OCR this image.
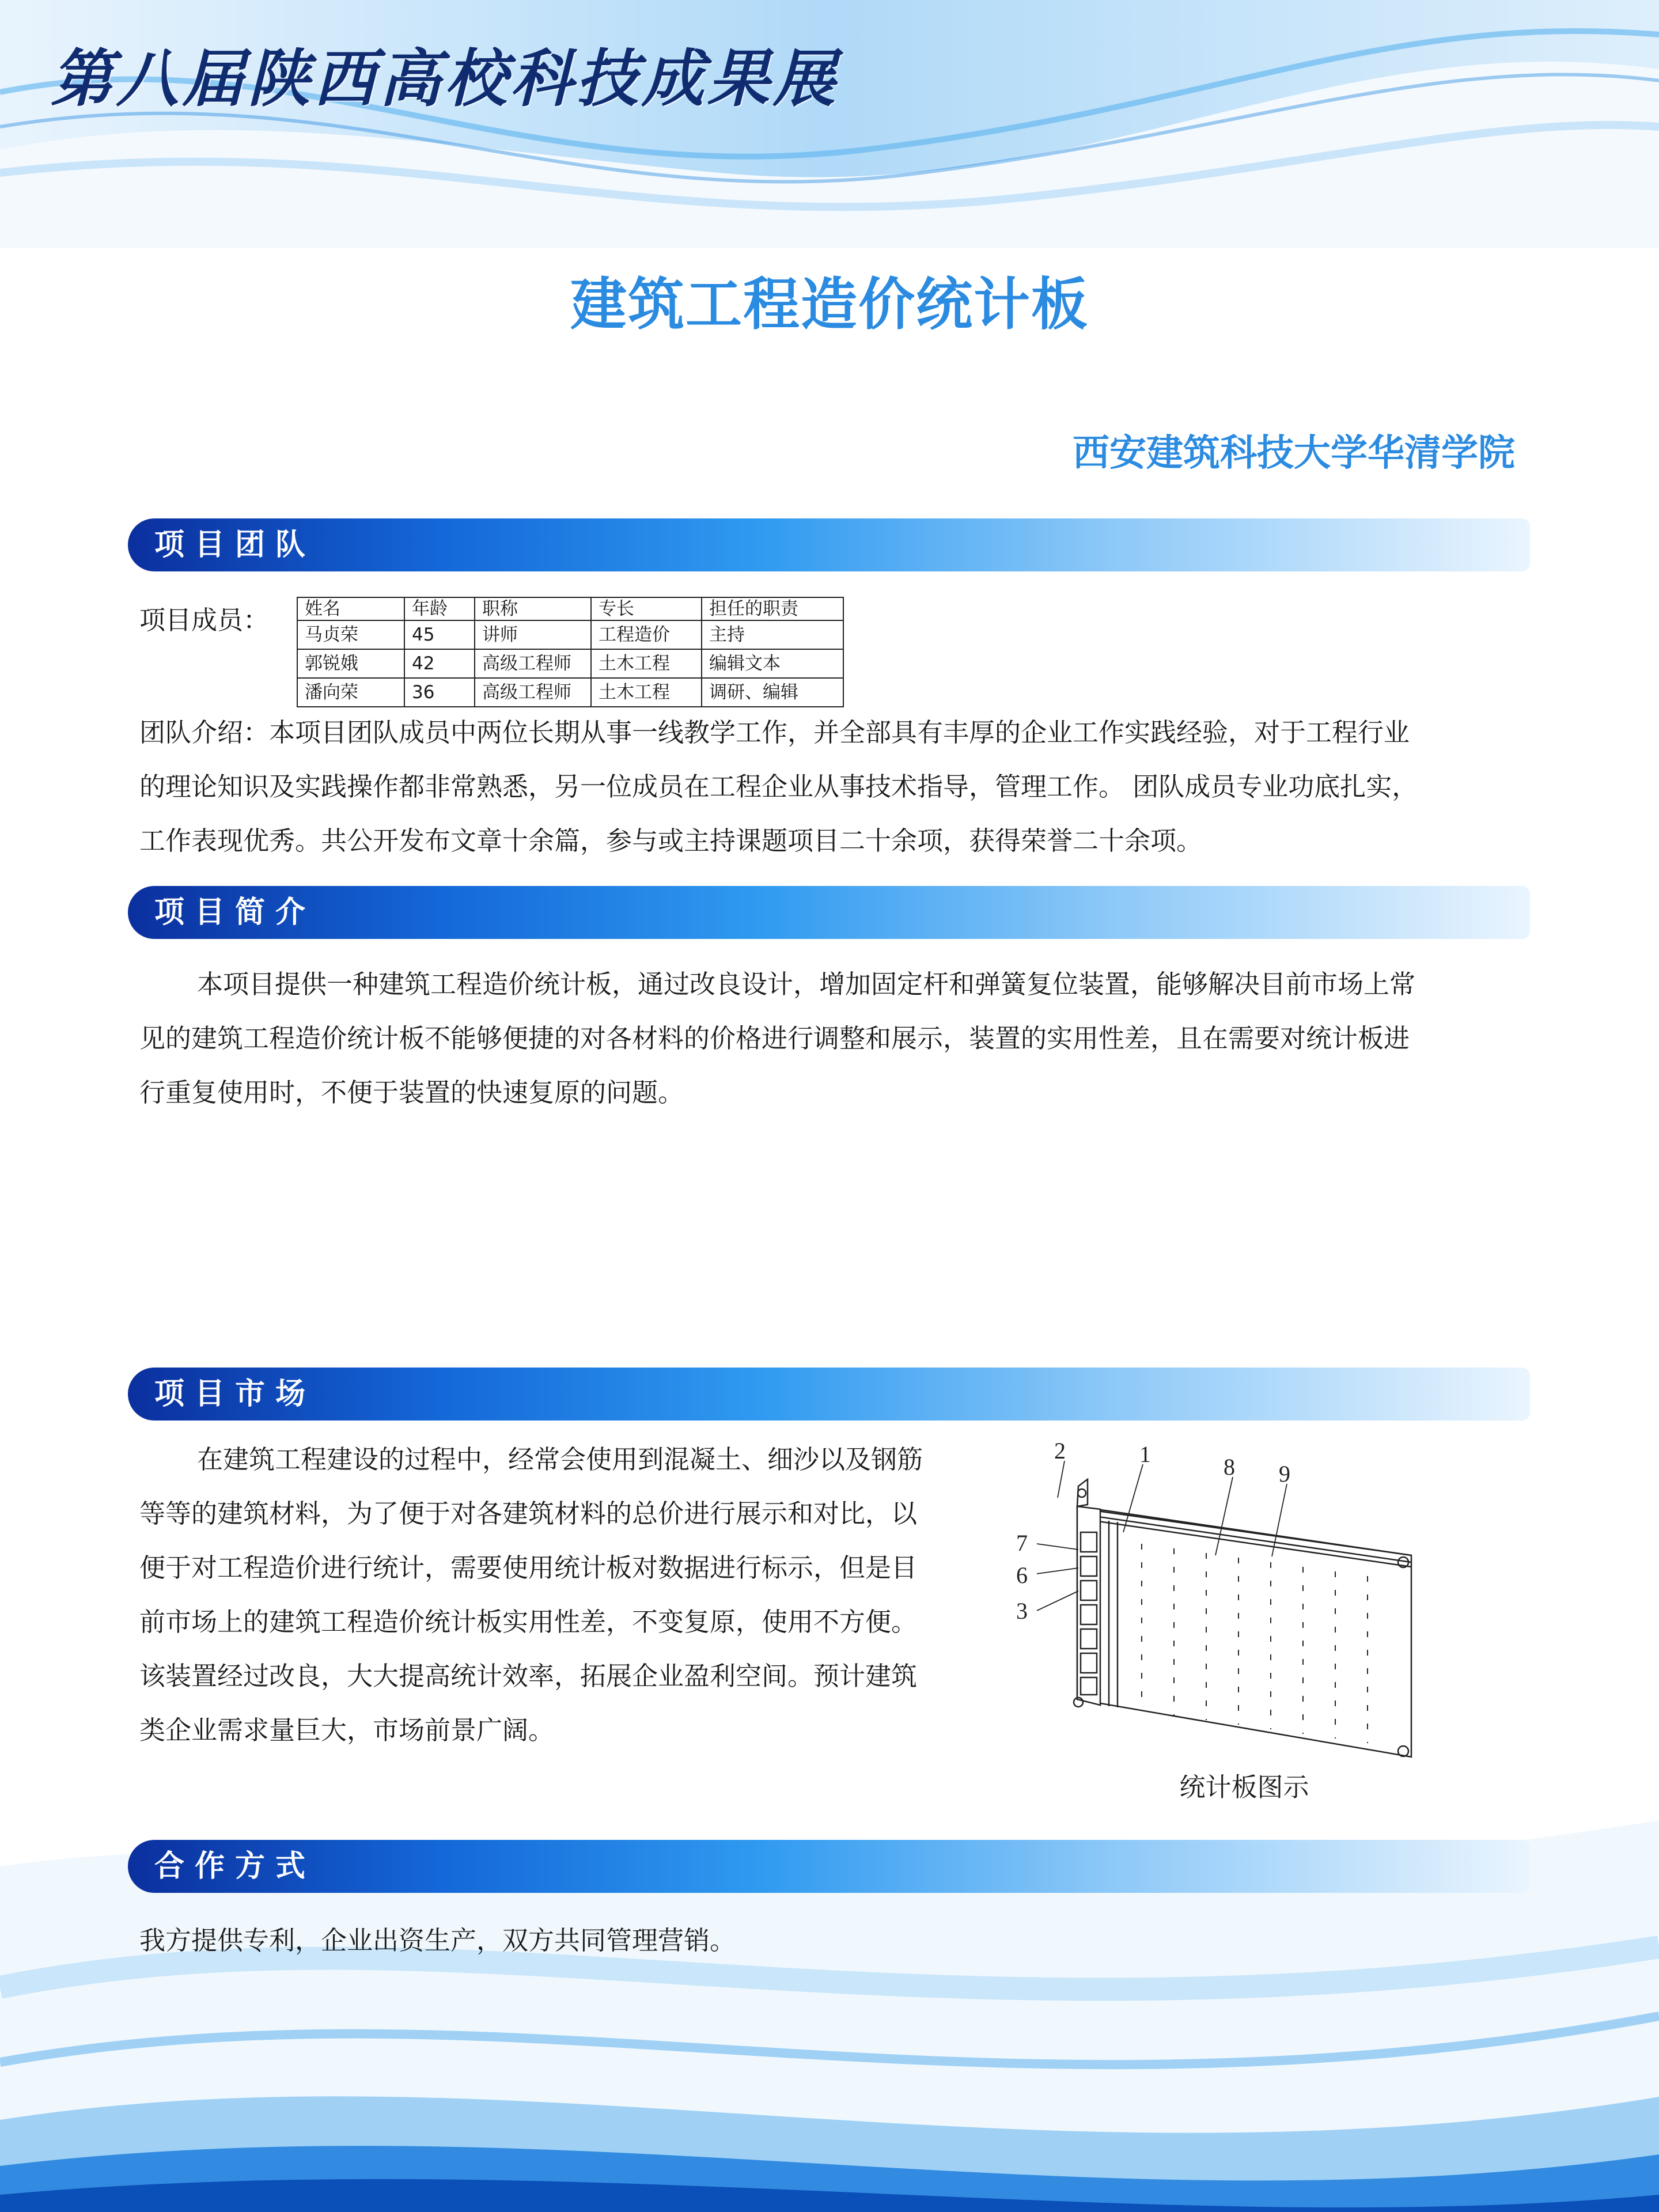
第八届陕西高校科技成果展
建筑工程造价统计板
西安建筑科技大学华清学院
项目团队
项目成员： 姓名	年龄	职称	专长	担任的职责
马贞荣	45	讲师	工程造价	主持
郭锐娥	42	高级工程师	土木工程	编辑文本
潘向荣	36	高级工程师	土木工程	调研、编辑
团队介绍：本项目团队成员中两位长期从事一线教学工作，并全部具有丰厚的企业工作实践经验，对于工程行业
的理论知识及实践操作都非常熟悉，另一位成员在工程企业从事技术指导，管理工作。 团队成员专业功底扎实，
工作表现优秀。共公开发布文章十余篇，参与或主持课题项目二十余项，获得荣誉二十余项。
项目简介
本项目提供一种建筑工程造价统计板，通过改良设计，增加固定杆和弹簧复位装置，能够解决目前市场上常
见的建筑工程造价统计板不能够便捷的对各材料的价格进行调整和展示，装置的实用性差，且在需要对统计板进
行重复使用时，不便于装置的快速复原的问题。
项目市场
在建筑工程建设的过程中，经常会使用到混凝土、细沙以及钢筋
等等的建筑材料，为了便于对各建筑材料的总价进行展示和对比，以
便于对工程造价进行统计，需要使用统计板对数据进行标示，但是目
前市场上的建筑工程造价统计板实用性差，不变复原，使用不方便。
该装置经过改良，大大提高统计效率，拓展企业盈利空间。预计建筑
类企业需求量巨大，市场前景广阔。
2	1	8 9
7
6
3
统计板图示
合作方式
我方提供专利，企业出资生产，双方共同管理营销。
